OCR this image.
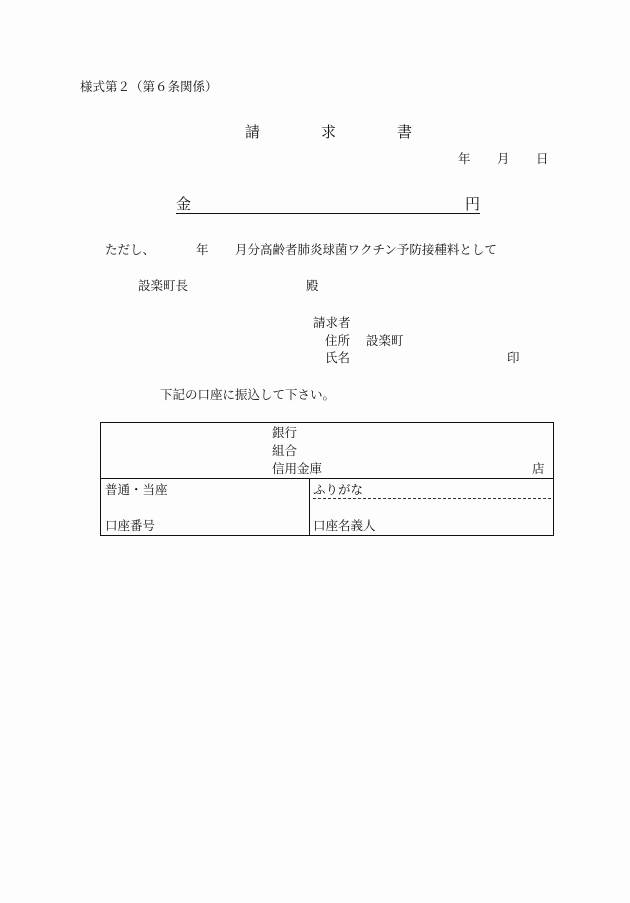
様式第２（第６条関係）
請	求	書
年 月 日
金	円
ただし、	年 月分高齢者肺炎球菌ワクチン予防接種料として
設楽町長	殿
請求者
住所 設楽町
氏名	印
下記の口座に振込して下さい。
銀行
組合
信用金庫	店
普通・当座	ふりがな
口座番号	口座名義人
